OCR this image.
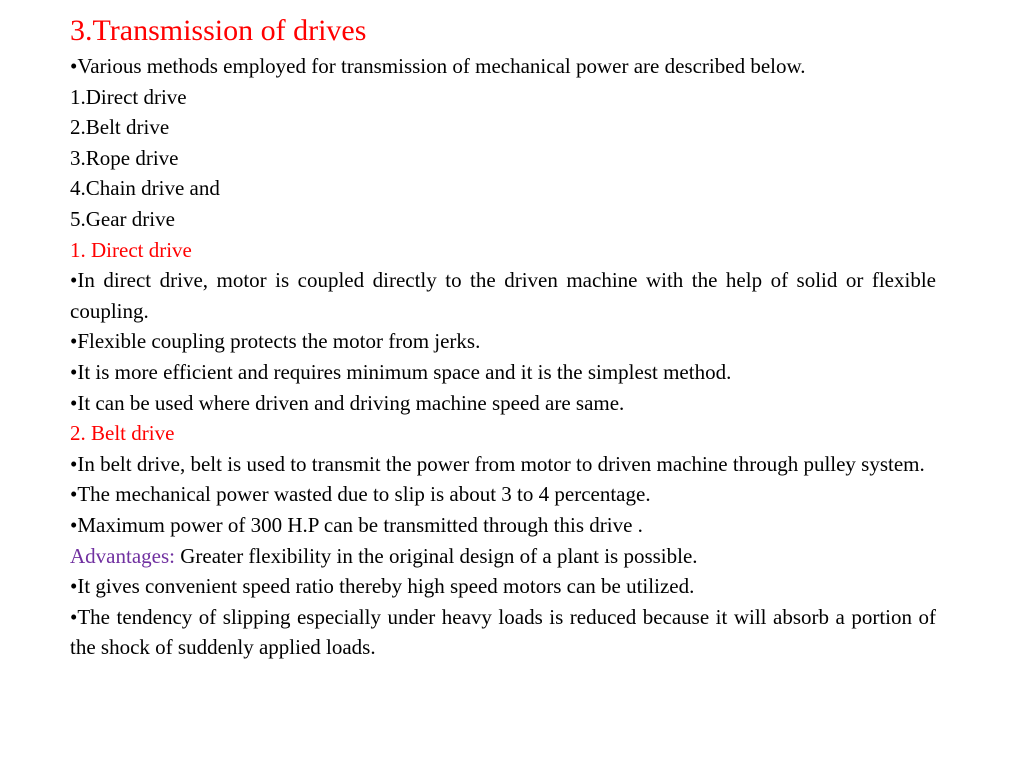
3.Transmission of drives

•Various methods employed for transmission of mechanical power are described below.

1.Direct drive

2.Belt drive

3.Rope drive

4.Chain drive and

5.Gear drive

1. Direct drive

•In direct drive, motor is coupled directly to the driven machine with the help of solid or flexible coupling.

•Flexible coupling protects the motor from jerks.

•It is more efficient and requires minimum space and it is the simplest method.

•It can be used where driven and driving machine speed are same.

2. Belt drive

•In belt drive, belt is used to transmit the power from motor to driven machine through pulley system.

•The mechanical power wasted due to slip is about 3 to 4 percentage.

•Maximum power of 300 H.P can be transmitted through this drive .

Advantages: Greater flexibility in the original design of a plant is possible.

•It gives convenient speed ratio thereby high speed motors can be utilized.

•The tendency of slipping especially under heavy loads is reduced because it will absorb a portion of the shock of suddenly applied loads.
